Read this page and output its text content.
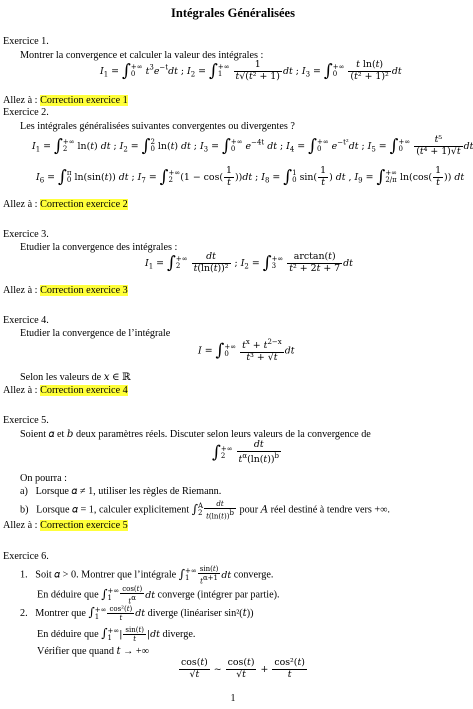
Intégrales Généralisées
Exercice 1.
Montrer la convergence et calculer la valeur des intégrales :
$I_1$ = ∫ +∞
0	$t^3e^{-t}dt$ ; $I_2$ = ∫ +∞
1
	$\frac{1}{\text{t√(t² + 1)}}$ dt ; $I_3$ = ∫ +∞
0
	$\frac{\text{t ln(t)}}{\text{(t² + 1)²}}$ dt
Allez à : Correction exercice 1
Exercice 2.
Les intégrales généralisées suivantes convergentes ou divergentes ?
$I_1$ = ∫ +∞
2 ln(t) dt ; $I_2$ = ∫ 2
0 ln(t) dt ; $I_3$ = ∫ +∞
0	$e^{-4t}$ dt ; $I_4$ = ∫ +∞
0	$e^{-t^2}dt$ ; $I_5$ = ∫ +∞
0
	$\frac{\text{t⁵}}{\text{(t⁴ + 1)√t}}$ dt
$I_6$ = ∫ π
0 ln(sin(t)) dt ; $I_7$ = ∫ +∞
2 $(1 - \cos( \frac{1}{t} ))dt$ ; $I_8$ = ∫ 1
0 $\sin( \frac{1}{t}$ ) dt , $I_9$ = ∫ +∞
2/π $\ln(\cos( \frac{1}{t}$ )) dt
Allez à : Correction exercice 2
Exercice 3.
Etudier la convergence des intégrales :
$I_1$ = ∫ +∞
2
	$\frac{dt}{\text{t(ln(t))²}}$ ; $I_2$ = ∫ +∞
3
	$\frac{\arctan(t)}{\text{t² + 2t + 7}}$ dt
Allez à : Correction exercice 3
Exercice 4.
Etudier la convergence de l’intégrale
I = ∫ +∞
0
	$\frac{t^x + t^{2-x}}{\text{t³ + √t}}$ dt
Selon les valeurs de 𝑥 ∈ ℝ
Allez à : Correction exercice 4
Exercice 5.
Soient 𝛼 et 𝑏 deux paramètres réels. Discuter selon leurs valeurs de la convergence de
∫ +∞
2
	$\frac{dt}{t^\alpha(\ln(t))^b}$
On pourra :
a) Lorsque 𝛼 ≠ 1, utiliser les règles de Riemann.
b) Lorsque 𝛼 = 1, calculer explicitement ∫ A
$2 \frac{dt}{t(\ln(t))b}$ pour 𝐴 réel destiné à tendre vers +∞.
Allez à : Correction exercice 5
Exercice 6.
1. Soit 𝛼 > 0. Montrer que l’intégrale ∫ +∞
1	$\frac{\sin(t)}{t\alpha+1}$ dt converge.
En déduire que ∫ +∞
1	$\frac{\cos(t)}{t\alpha}$ dt converge (intégrer par partie).
2. Montrer que ∫ +∞
1	$\frac{\text{cos²(t)}}{t}$ dt diverge (linéariser sin²(𝑡))
En déduire que ∫ +∞
1 | $\frac{\sin(t)}{t} |dt$ diverge.
Vérifier que quand 𝑡 → +∞
$\frac{\cos(t)}{√t}$ ~ $\frac{\cos(t)}{√t} + \frac{\text{cos²(t)}}{t}$
1
